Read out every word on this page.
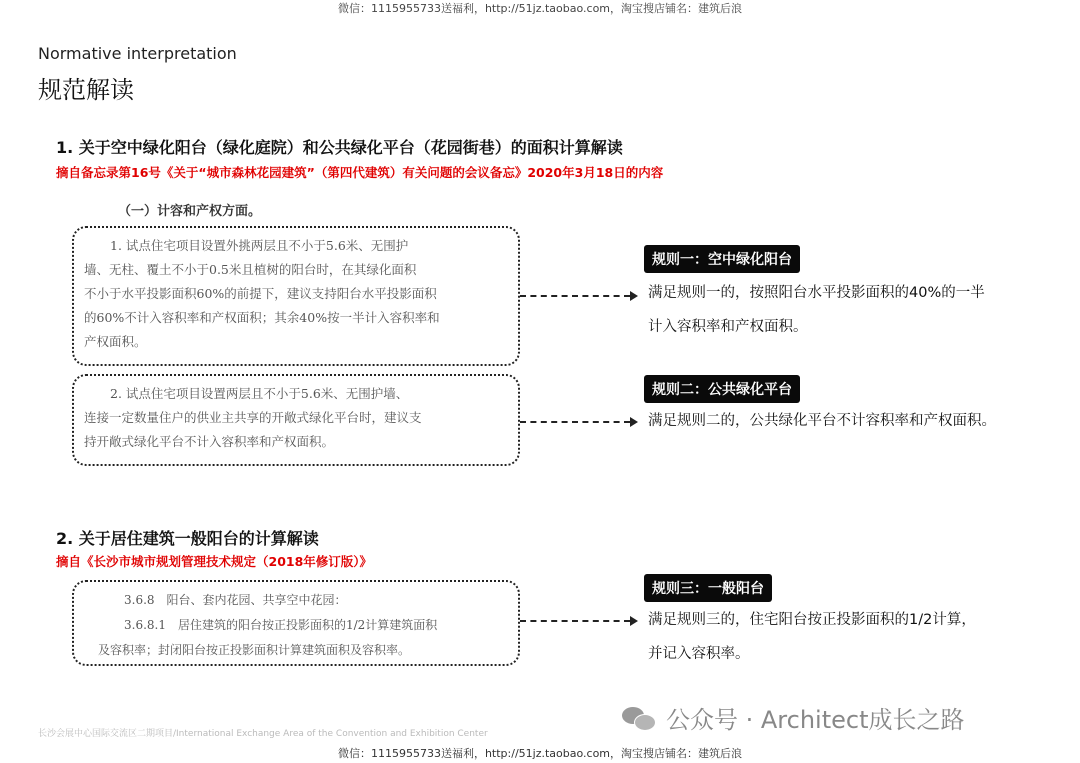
微信：1115955733送福利，http://51jz.taobao.com，淘宝搜店铺名：建筑后浪
Normative interpretation
规范解读
1. 关于空中绿化阳台（绿化庭院）和公共绿化平台（花园街巷）的面积计算解读
摘自备忘录第16号《关于“城市森林花园建筑”（第四代建筑）有关问题的会议备忘》2020年3月18日的内容
（一）计容和产权方面。
1. 试点住宅项目设置外挑两层且不小于5.6米、无围护
墙、无柱、覆土不小于0.5米且植树的阳台时，在其绿化面积
不小于水平投影面积60%的前提下，建议支持阳台水平投影面积
的60%不计入容积率和产权面积；其余40%按一半计入容积率和
产权面积。
2. 试点住宅项目设置两层且不小于5.6米、无围护墙、
连接一定数量住户的供业主共享的开敞式绿化平台时，建议支
持开敞式绿化平台不计入容积率和产权面积。
规则一：空中绿化阳台
满足规则一的，按照阳台水平投影面积的40%的一半
计入容积率和产权面积。
规则二：公共绿化平台
满足规则二的，公共绿化平台不计容积率和产权面积。
2. 关于居住建筑一般阳台的计算解读
摘自《长沙市城市规划管理技术规定（2018年修订版）》
3.6.8　阳台、套内花园、共享空中花园：
3.6.8.1　居住建筑的阳台按正投影面积的1/2计算建筑面积
及容积率；封闭阳台按正投影面积计算建筑面积及容积率。
规则三：一般阳台
满足规则三的，住宅阳台按正投影面积的1/2计算，
并记入容积率。
长沙会展中心国际交流区二期项目/International Exchange Area of the Convention and Exhibition Center	公众号 · Architect成长之路
微信：1115955733送福利，http://51jz.taobao.com，淘宝搜店铺名：建筑后浪
